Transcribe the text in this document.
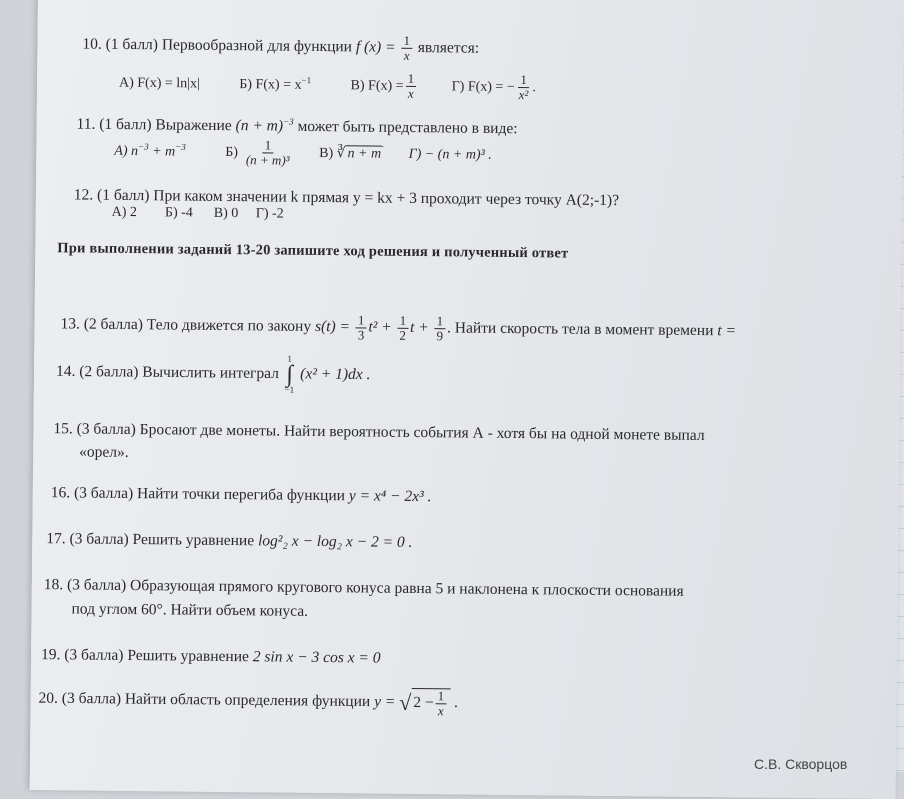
10. (1 балл) Первообразной для функции f $(x) = \frac{1}{x}$ является:
А) F(x) = ln|x|	Б) $F(x) = x^{-1}$	В) $F(x) = \frac{1}{x}$	Г) F(x) = − $\frac{1}{\text{x²}}$ .
11. (1 балл) Выражение $(n + m)^{-3}$ может быть представлено в виде:
А) $n^{-3} + m^{-3}$	$Б) \frac{1}{\text{(n + m)³}} В$) ∛ n + m Г) − (n + m)³ .
12. (1 балл) При каком значении k прямая y = kx + 3 проходит через точку А(2;-1)?
А) 2        Б) -4      В) 0     Г) -2
При выполнении заданий 13-20 запишите ход решения и полученный ответ
13. (2 балла) Тело движется по закону $s(t) = \frac{1}{3} t^2 + \frac{1}{2}$ $t + \frac{1}{9}$ . Найти скорость тела в момент времени t =
14. (2 балла) Вычислить интеграл
1
∫
−1
(x² + 1)dx .
15. (3 балла) Бросают две монеты. Найти вероятность события А - хотя бы на одной монете выпал
«орел».
16. (3 балла) Найти точки перегиба функции y = x⁴ − 2x³ .
17. (3 балла) Решить уравнение log²₂ x − log₂ x − 2 = 0 .
18. (3 балла) Образующая прямого кругового конуса равна 5 и наклонена к плоскости основания
под углом 60°. Найти объем конуса.
19. (3 балла) Решить уравнение 2 sin x − 3 cos x = 0
20. (3 балла) Найти область определения функции y = √ $2 - \frac{1}{x}$ .
С.В. Скворцов
